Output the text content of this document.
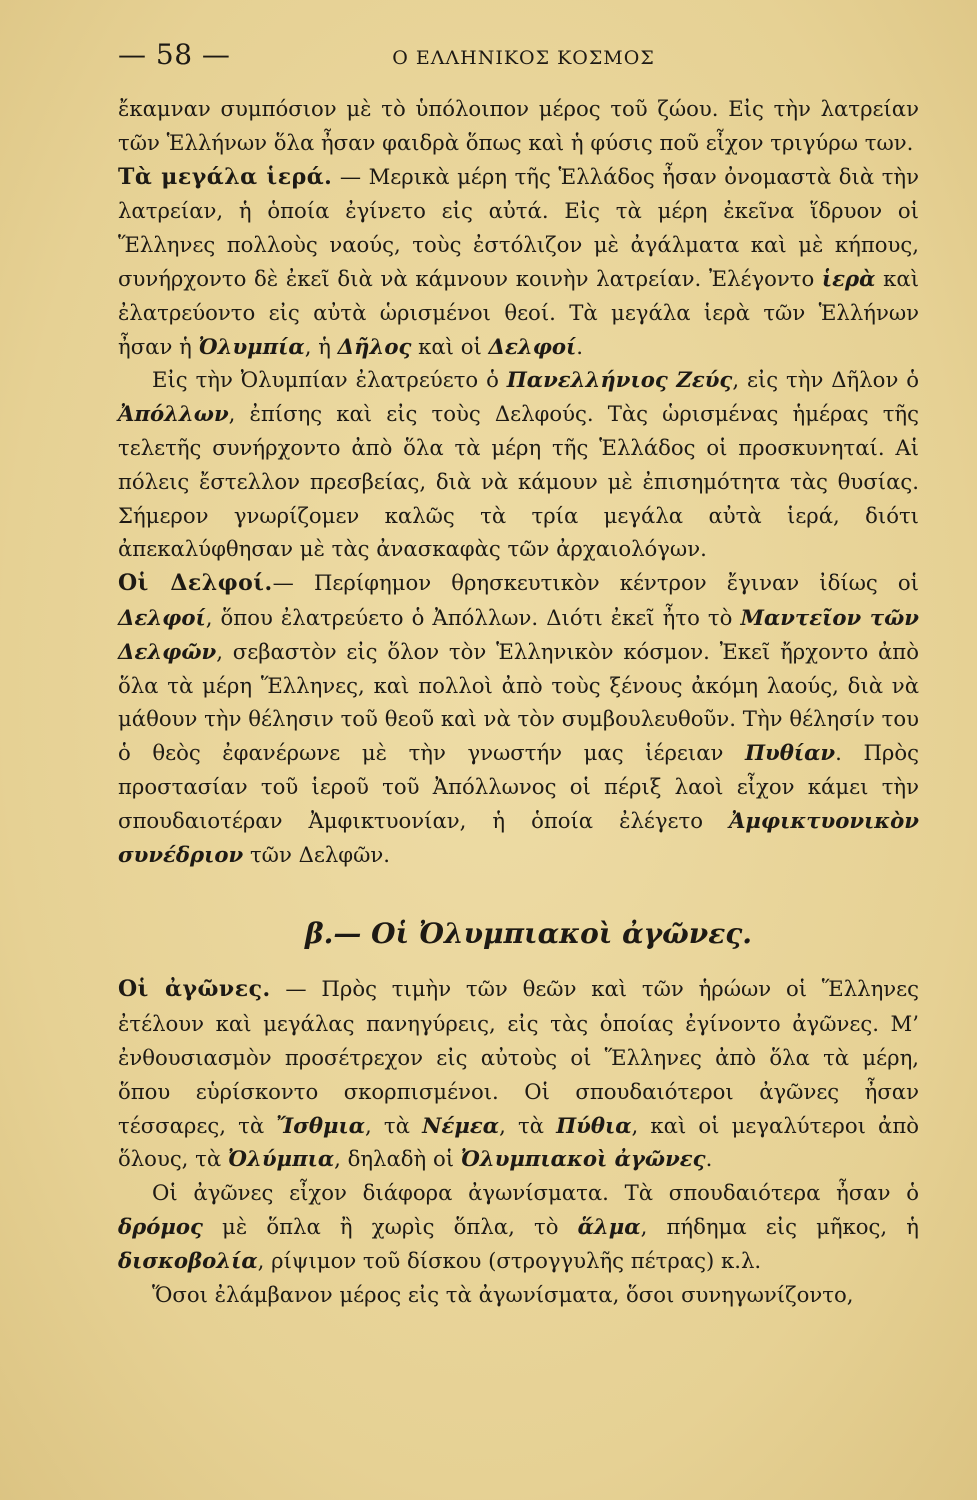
— 58 —	Ο ΕΛΛΗΝΙΚΟΣ ΚΟΣΜΟΣ

ἔκαμναν συμπόσιον μὲ τὸ ὑπόλοιπον μέρος τοῦ ζώου. Εἰς τὴν λατρείαν τῶν Ἑλλήνων ὅλα ἦσαν φαιδρὰ ὅπως καὶ ἡ φύσις ποῦ εἶχον τριγύρω των.

Τὰ μεγάλα ἱερά. — Μερικὰ μέρη τῆς Ἑλλάδος ἦσαν ὀνομαστὰ διὰ τὴν λατρείαν, ἡ ὁποία ἐγίνετο εἰς αὐτά. Εἰς τὰ μέρη ἐκεῖνα ἵδρυον οἱ Ἕλληνες πολλοὺς ναούς, τοὺς ἐστόλιζον μὲ ἀγάλματα καὶ μὲ κήπους, συνήρχοντο δὲ ἐκεῖ διὰ νὰ κάμνουν κοινὴν λατρείαν. Ἐλέγοντο ἱερὰ καὶ ἐλατρεύοντο εἰς αὐτὰ ὡρισμένοι θεοί. Τὰ μεγάλα ἱερὰ τῶν Ἑλλήνων ἦσαν ἡ Ὀλυμπία, ἡ Δῆλος καὶ οἱ Δελφοί.

Εἰς τὴν Ὀλυμπίαν ἐλατρεύετο ὁ Πανελλήνιος Ζεύς, εἰς τὴν Δῆλον ὁ Ἀπόλλων, ἐπίσης καὶ εἰς τοὺς Δελφούς. Τὰς ὡρισμένας ἡμέρας τῆς τελετῆς συνήρχοντο ἀπὸ ὅλα τὰ μέρη τῆς Ἑλλάδος οἱ προσκυνηταί. Αἱ πόλεις ἔστελλον πρεσβείας, διὰ νὰ κάμουν μὲ ἐπισημότητα τὰς θυσίας. Σήμερον γνωρίζομεν καλῶς τὰ τρία μεγάλα αὐτὰ ἱερά, διότι ἀπεκαλύφθησαν μὲ τὰς ἀνασκαφὰς τῶν ἀρχαιολόγων.

Οἱ Δελφοί.— Περίφημον θρησκευτικὸν κέντρον ἔγιναν ἰδίως οἱ Δελφοί, ὅπου ἐλατρεύετο ὁ Ἀπόλλων. Διότι ἐκεῖ ἦτο τὸ Μαντεῖον τῶν Δελφῶν, σεβαστὸν εἰς ὅλον τὸν Ἑλληνικὸν κόσμον. Ἐκεῖ ἤρχοντο ἀπὸ ὅλα τὰ μέρη Ἕλληνες, καὶ πολλοὶ ἀπὸ τοὺς ξένους ἀκόμη λαούς, διὰ νὰ μάθουν τὴν θέλησιν τοῦ θεοῦ καὶ νὰ τὸν συμβουλευθοῦν. Τὴν θέλησίν του ὁ θεὸς ἐφανέρωνε μὲ τὴν γνωστήν μας ἱέρειαν Πυθίαν. Πρὸς προστασίαν τοῦ ἱεροῦ τοῦ Ἀπόλλωνος οἱ πέριξ λαοὶ εἶχον κάμει τὴν σπουδαιοτέραν Ἀμφικτυονίαν, ἡ ὁποία ἐλέγετο Ἀμφικτυονικὸν συνέδριον τῶν Δελφῶν.

β.— Οἱ Ὀλυμπιακοὶ ἀγῶνες.

Οἱ ἀγῶνες. — Πρὸς τιμὴν τῶν θεῶν καὶ τῶν ἡρώων οἱ Ἕλληνες ἐτέλουν καὶ μεγάλας πανηγύρεις, εἰς τὰς ὁποίας ἐγίνοντο ἀγῶνες. Μ’ ἐνθουσιασμὸν προσέτρεχον εἰς αὐτοὺς οἱ Ἕλληνες ἀπὸ ὅλα τὰ μέρη, ὅπου εὑρίσκοντο σκορπισμένοι. Οἱ σπουδαιότεροι ἀγῶνες ἦσαν τέσσαρες, τὰ Ἴσθμια, τὰ Νέμεα, τὰ Πύθια, καὶ οἱ μεγαλύτεροι ἀπὸ ὅλους, τὰ Ὀλύμπια, δηλαδὴ οἱ Ὀλυμπιακοὶ ἀγῶνες.

Οἱ ἀγῶνες εἶχον διάφορα ἀγωνίσματα. Τὰ σπουδαιότερα ἦσαν ὁ δρόμος μὲ ὅπλα ἢ χωρὶς ὅπλα, τὸ ἅλμα, πήδημα εἰς μῆκος, ἡ δισκοβολία, ρίψιμον τοῦ δίσκου (στρογγυλῆς πέτρας) κ.λ.

Ὅσοι ἐλάμβανον μέρος εἰς τὰ ἀγωνίσματα, ὅσοι συνηγωνίζοντο,
